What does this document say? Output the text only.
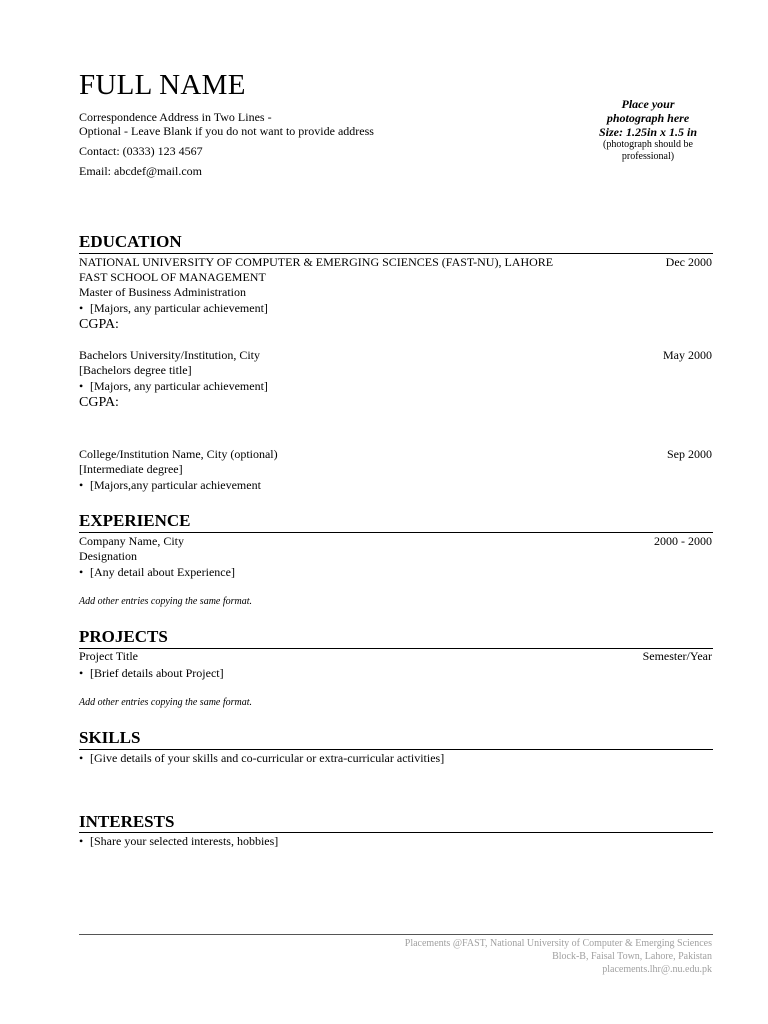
FULL NAME
Correspondence Address in Two Lines -
Optional - Leave Blank if you do not want to provide address
Contact: (0333) 123 4567
Email: abcdef@mail.com
Place your
photograph here
Size: 1.25in x 1.5 in
(photograph should be
professional)
EDUCATION
NATIONAL UNIVERSITY OF COMPUTER & EMERGING SCIENCES (FAST-NU), LAHORE	Dec 2000
FAST SCHOOL OF MANAGEMENT
Master of Business Administration
• [Majors, any particular achievement]
CGPA:
Bachelors University/Institution, City	May 2000
[Bachelors degree title]
• [Majors, any particular achievement]
CGPA:
College/Institution Name, City (optional)	Sep 2000
[Intermediate degree]
• [Majors,any particular achievement
EXPERIENCE
Company Name, City	2000 - 2000
Designation
• [Any detail about Experience]
Add other entries copying the same format.
PROJECTS
Project Title	Semester/Year
• [Brief details about Project]
Add other entries copying the same format.
SKILLS
• [Give details of your skills and co-curricular or extra-curricular activities]
INTERESTS
• [Share your selected interests, hobbies]
Placements @FAST, National University of Computer & Emerging Sciences
Block-B, Faisal Town, Lahore, Pakistan
placements.lhr@.nu.edu.pk
